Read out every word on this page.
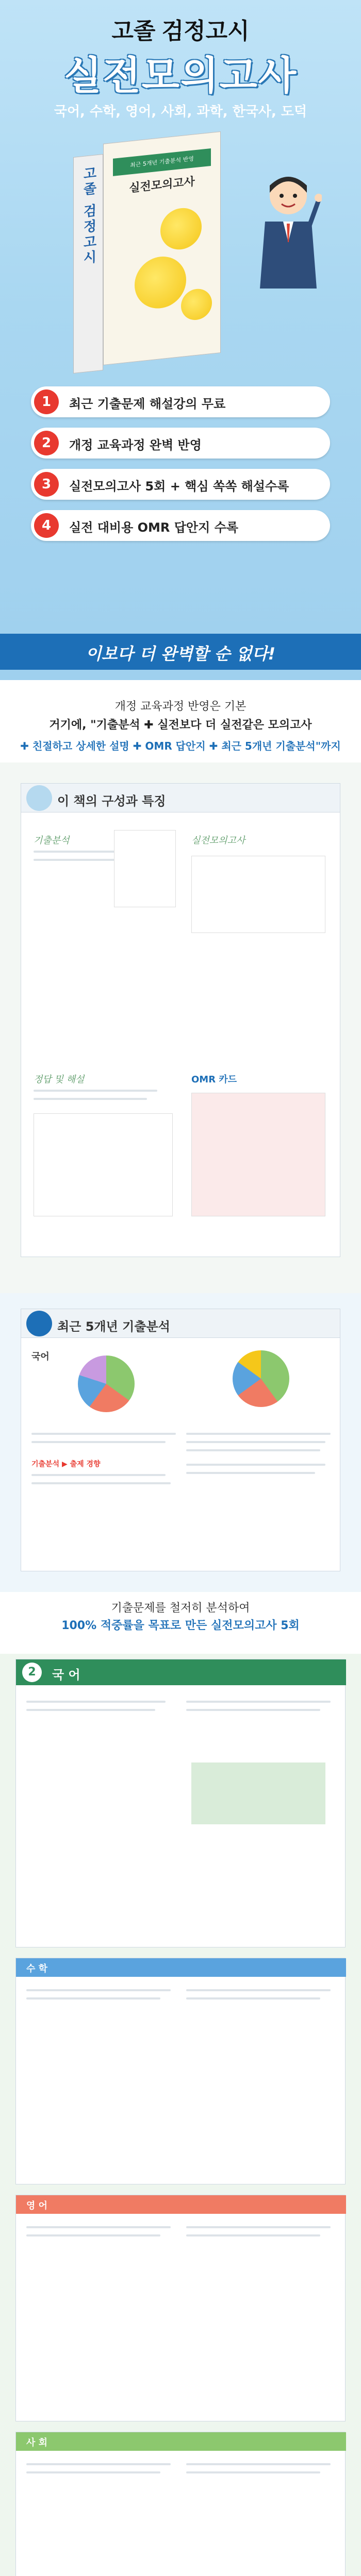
고졸 검정고시
실전모의고사
국어, 수학, 영어, 사회, 과학, 한국사, 도덕
고졸 검정고시
최근 5개년 기출분석 반영
실전모의고사
1	최근 기출문제 해설강의 무료
2	개정 교육과정 완벽 반영
3	실전모의고사 5회 + 핵심 쏙쏙 해설수록
4	실전 대비용 OMR 답안지 수록
이보다 더 완벽할 순 없다!
개정 교육과정 반영은 기본
거기에, "기출분석 ✚ 실전보다 더 실전같은 모의고사
✚ 친절하고 상세한 설명 ✚ OMR 답안지 ✚ 최근 5개년 기출분석"까지
이 책의 구성과 특징
기출분석	실전모의고사
정답 및 해설	OMR 카드
최근 5개년 기출분석
국어
기출분석 ▶ 출제 경향
기출문제를 철저히 분석하여
100% 적중률을 목표로 만든 실전모의고사 5회
2	국 어
수 학
영 어
사 회
